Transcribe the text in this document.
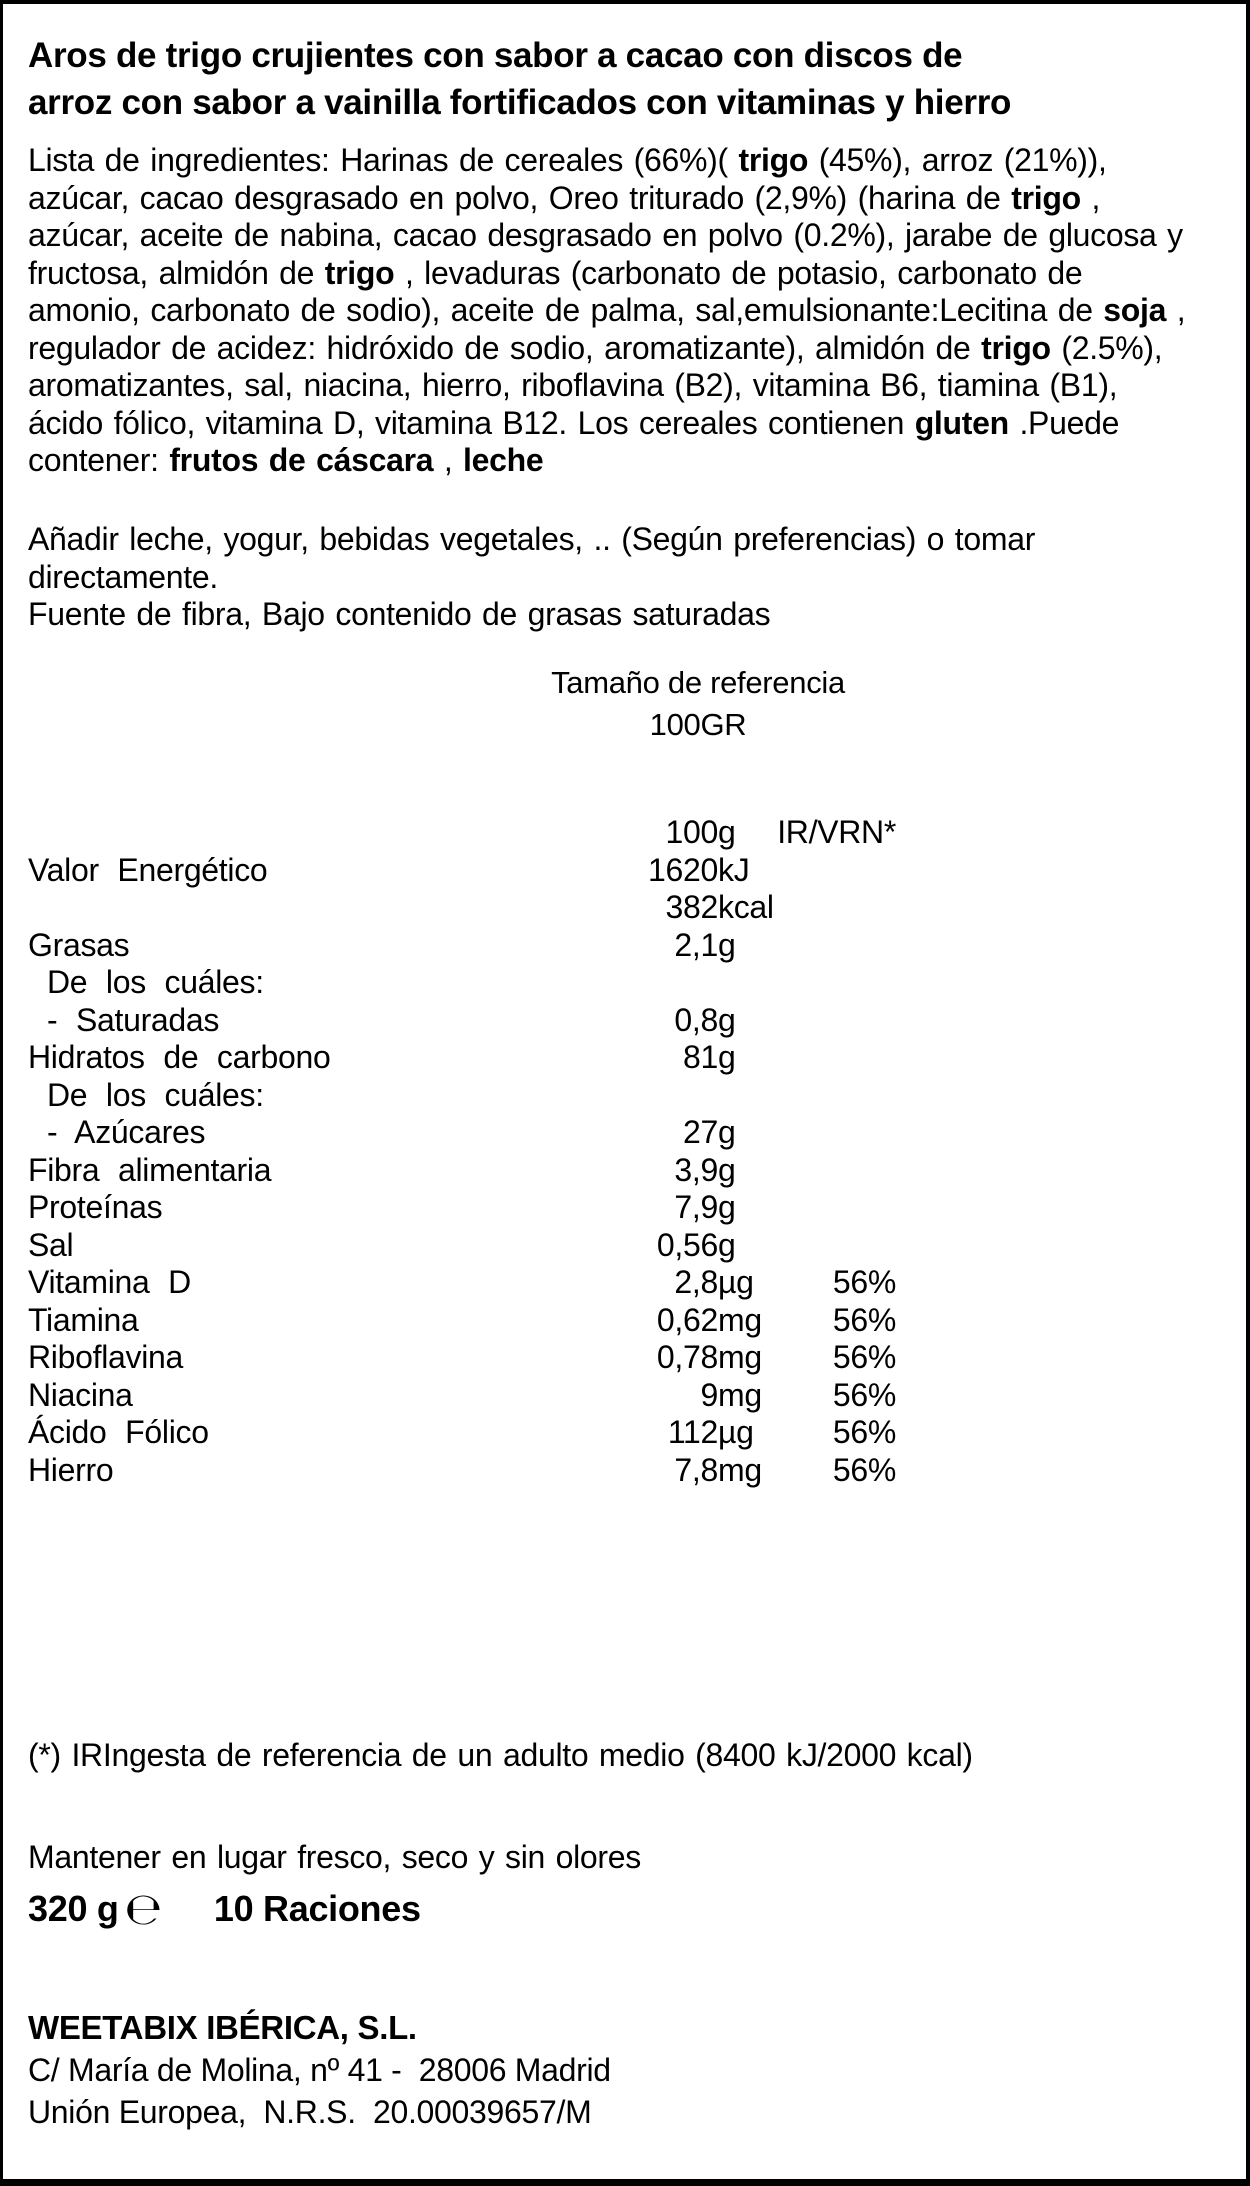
Aros de trigo crujientes con sabor a cacao con discos de
arroz con sabor a vainilla fortificados con vitaminas y hierro

Lista de ingredientes: Harinas de cereales (66%)( trigo (45%), arroz (21%)),
azúcar, cacao desgrasado en polvo, Oreo triturado (2,9%) (harina de trigo ,
azúcar, aceite de nabina, cacao desgrasado en polvo (0.2%), jarabe de glucosa y
fructosa, almidón de trigo , levaduras (carbonato de potasio, carbonato de
amonio, carbonato de sodio), aceite de palma, sal,emulsionante:Lecitina de soja ,
regulador de acidez: hidróxido de sodio, aromatizante), almidón de trigo (2.5%),
aromatizantes, sal, niacina, hierro, riboflavina (B2), vitamina B6, tiamina (B1),
ácido fólico, vitamina D, vitamina B12. Los cereales contienen gluten .Puede
contener: frutos de cáscara , leche

Añadir leche, yogur, bebidas vegetales, .. (Según preferencias) o tomar
directamente.

Fuente de fibra, Bajo contenido de grasas saturadas

Tamaño de referencia
100GR
	100	g	IR/VRN*
Valor Energético	1620	kJ	
	382	kcal	
Grasas	2,1	g	
De los cuáles:			
- Saturadas	0,8	g	
Hidratos de carbono	81	g	
De los cuáles:			
- Azúcares	27	g	
Fibra alimentaria	3,9	g	
Proteínas	7,9	g	
Sal	0,56	g	
Vitamina D	2,8	µg	56%
Tiamina	0,62	mg	56%
Riboflavina	0,78	mg	56%
Niacina	9	mg	56%
Ácido Fólico	112	µg	56%
Hierro	7,8	mg	56%

(*) IRIngesta de referencia de un adulto medio (8400 kJ/2000 kcal)

Mantener en lugar fresco, seco y sin olores

320 g ℮ 10 Raciones
WEETABIX IBÉRICA, S.L.
C/ María de Molina, nº 41 -  28006 Madrid
Unión Europea,  N.R.S.  20.00039657/M
